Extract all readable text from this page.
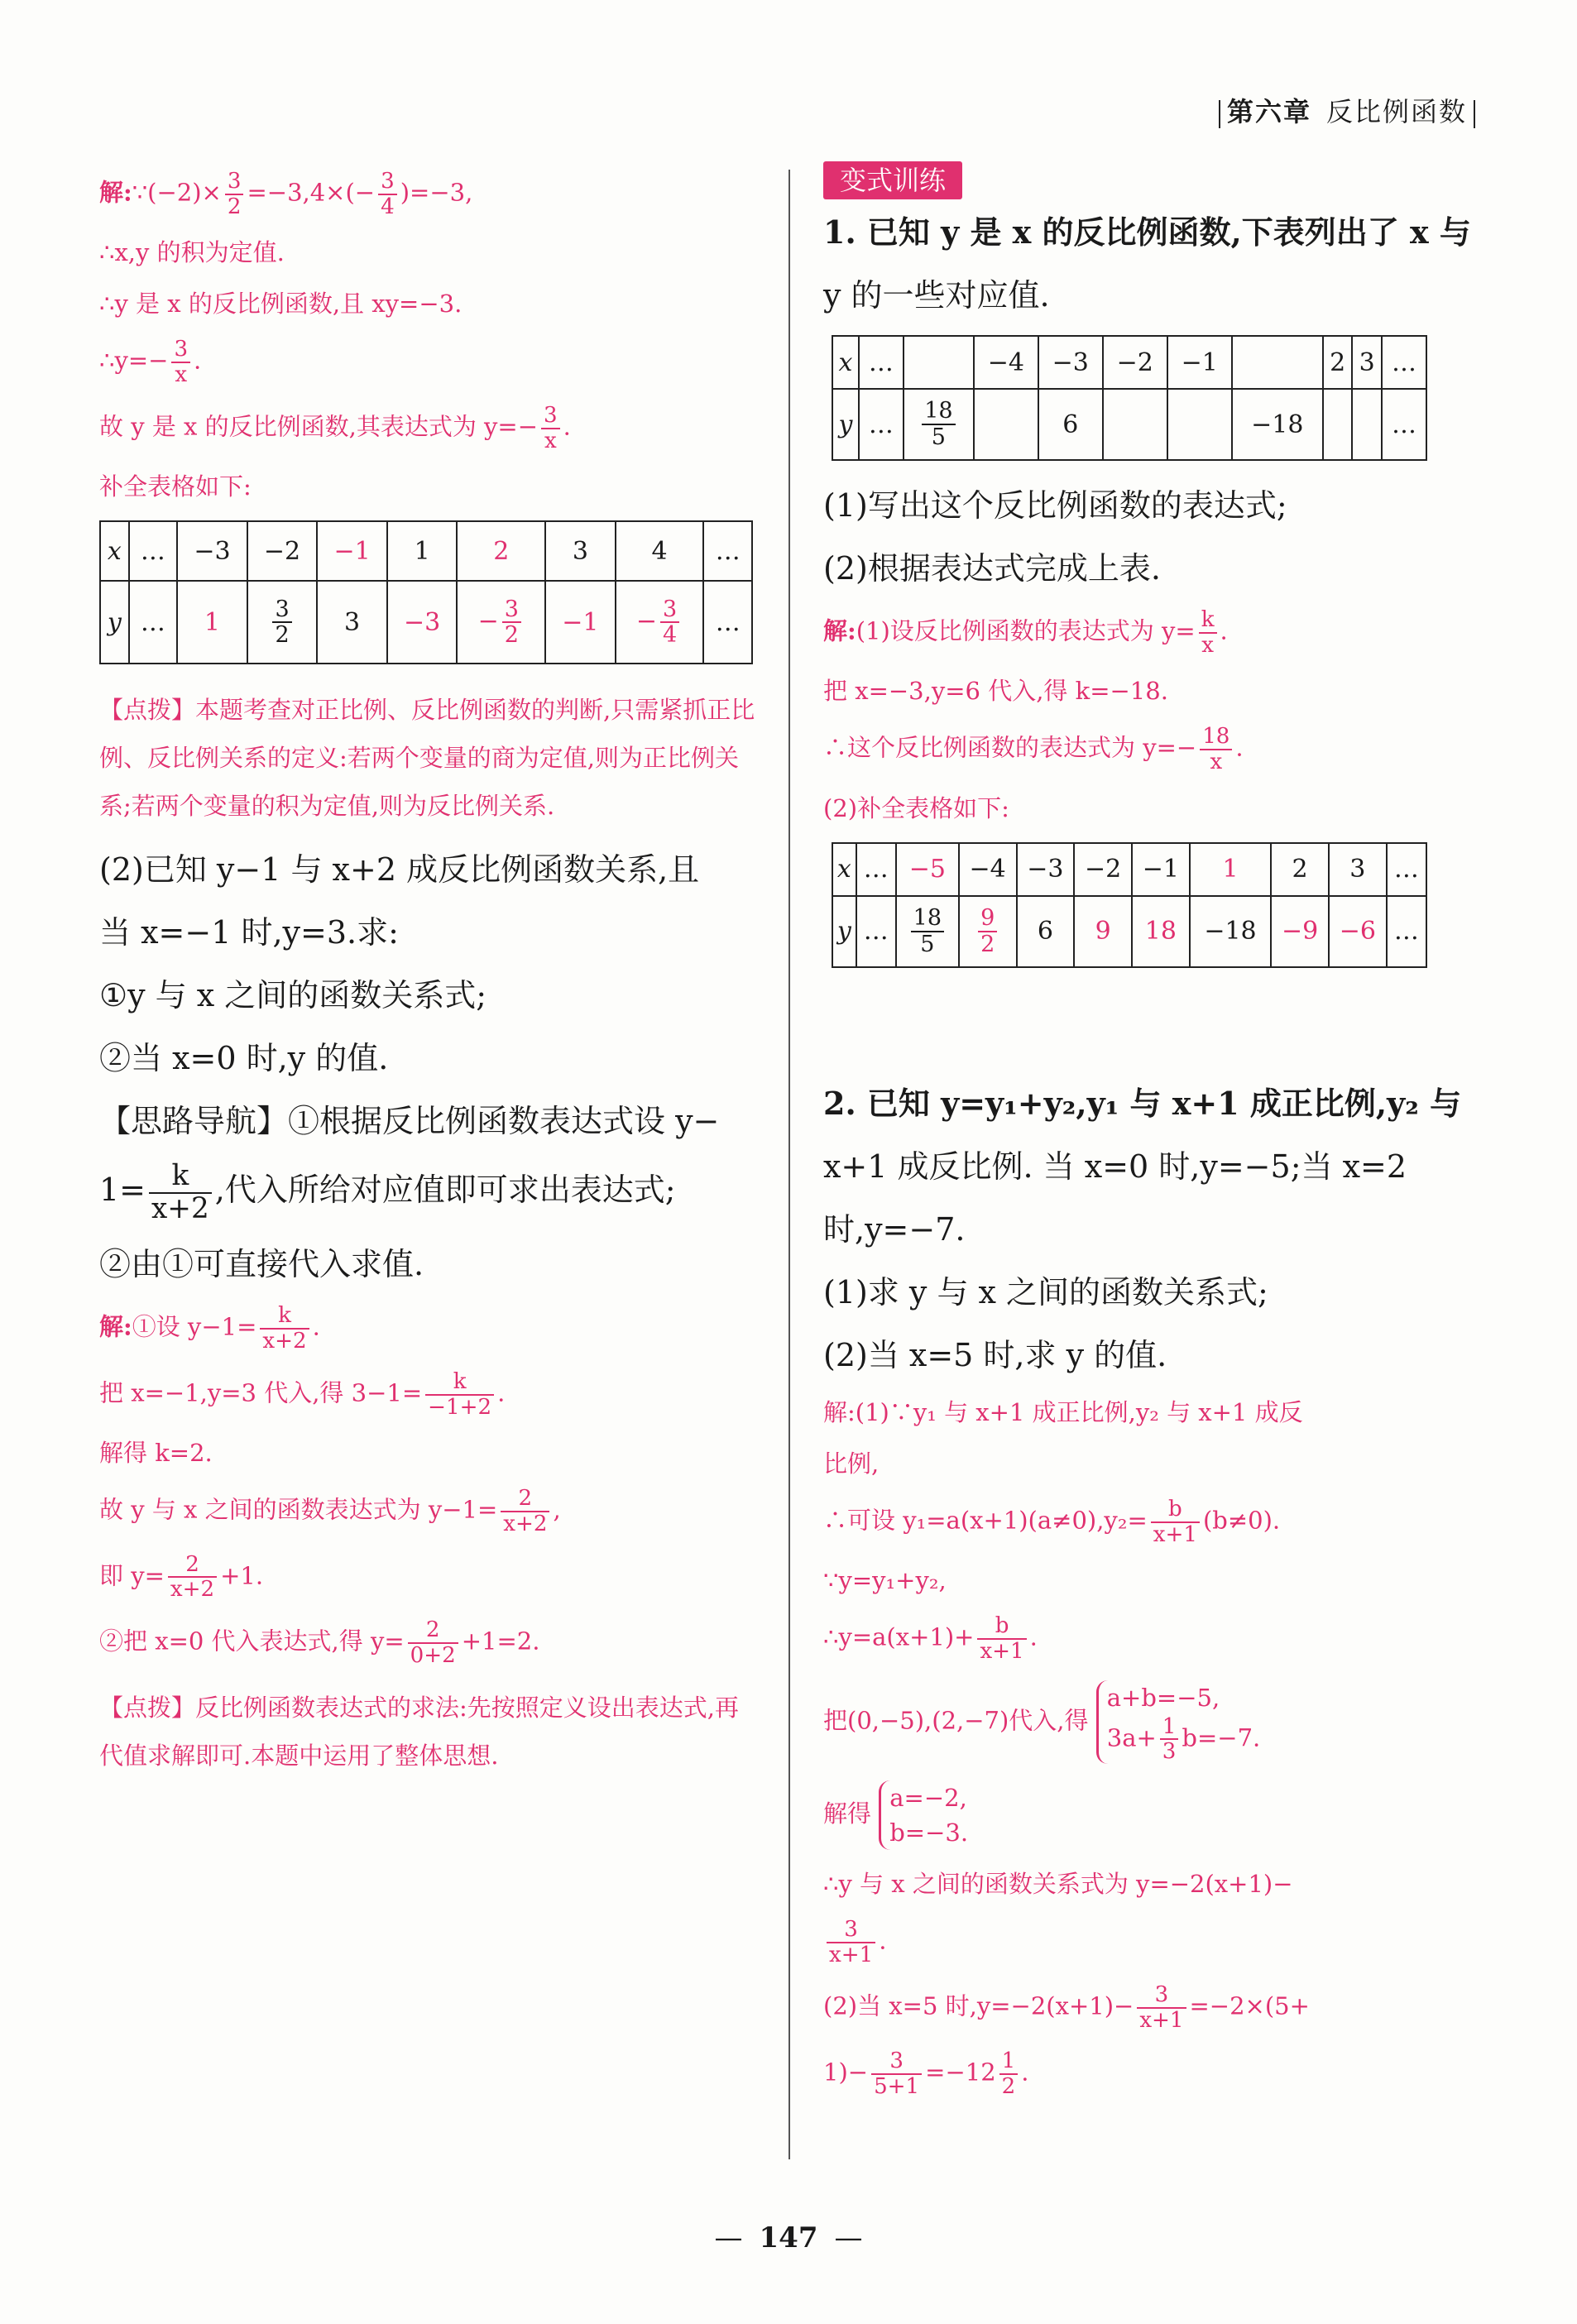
第六章 反比例函数
解:∵(−2)× $\frac{3}{2} =-3,4\times(- \frac{3}{4} )=-3$,
∴x,y 的积为定值.
∴y 是 x 的反比例函数,且 xy=−3.
∴y=− $\frac{3}{x}$ .
故 y 是 x 的反比例函数,其表达式为 $y=- \frac{3}{x}$ .
补全表格如下:
x	…	−3	−2	−1	1	2	3	4	…
y	…	1	$\frac{3}{2}$	3	−3	− $\frac{3}{2}$	−1	− $\frac{3}{4}$	…
【点拨】本题考查对正比例、反比例函数的判断,只需紧抓正比例、反比例关系的定义:若两个变量的商为定值,则为正比例关系;若两个变量的积为定值,则为反比例关系.
(2)已知 y−1 与 x+2 成反比例函数关系,且
当 x=−1 时,y=3.求:
①y 与 x 之间的函数关系式;
②当 x=0 时,y 的值.
【思路导航】①根据反比例函数表达式设 y−
$1= \frac{k}{x+2}$ ,代入所给对应值即可求出表达式;
②由①可直接代入求值.
解:①设 $y-1= \frac{k}{x+2}$ .
把 x=−1,y=3 代入,得 $3-1= \frac{k}{-1+2}$ .
解得 k=2.
故 y 与 x 之间的函数表达式为 $y-1= \frac{2}{x+2}$ ,
即 $y= \frac{2}{x+2} +1$.
②把 x=0 代入表达式,得 $y= \frac{2}{0+2} +1=2$.
【点拨】反比例函数表达式的求法:先按照定义设出表达式,再代值求解即可.本题中运用了整体思想.
变式训练
1. 已知 y 是 x 的反比例函数,下表列出了 x 与
y 的一些对应值.
x	…		−4	−3	−2	−1		2	3	…
y	…	$\frac{18}{5}$		6			−18			…
(1)写出这个反比例函数的表达式;
(2)根据表达式完成上表.
解:(1)设反比例函数的表达式为 $y= \frac{k}{x}$ .
把 x=−3,y=6 代入,得 k=−18.
∴这个反比例函数的表达式为 $y=- \frac{18}{x}$ .
(2)补全表格如下:
x	…	−5	−4	−3	−2	−1	1	2	3	…
y	…	$\frac{18}{5}$	$\frac{9}{2}$	6	9	18	−18	−9	−6	…
2. 已知 y=y₁+y₂,y₁ 与 x+1 成正比例,y₂ 与
x+1 成反比例. 当 x=0 时,y=−5;当 x=2
时,y=−7.
(1)求 y 与 x 之间的函数关系式;
(2)当 x=5 时,求 y 的值.
解:(1)∵y₁ 与 x+1 成正比例,y₂ 与 x+1 成反
比例,
∴可设 $y_1=a(x+1)(a\ne 0),y_2= \frac{b}{x+1} (b\ne 0)$.
∵y=y₁+y₂,
∴y=a(x+1)+ $\frac{b}{x+1}$ .
把(0,−5),(2,−7)代入,得
a+b=−5,
$3a+ \frac{1}{3} b=-7$.
解得
a=−2,
b=−3.
∴y 与 x 之间的函数关系式为 y=−2(x+1)−
$\frac{3}{x+1}$ .
(2)当 x=5 时$,y=-2(x+1)- \frac{3}{x+1} =-2\times(5+$
$1)- \frac{3}{5+1} =-12 \frac{1}{2}$ .
— 147 —
